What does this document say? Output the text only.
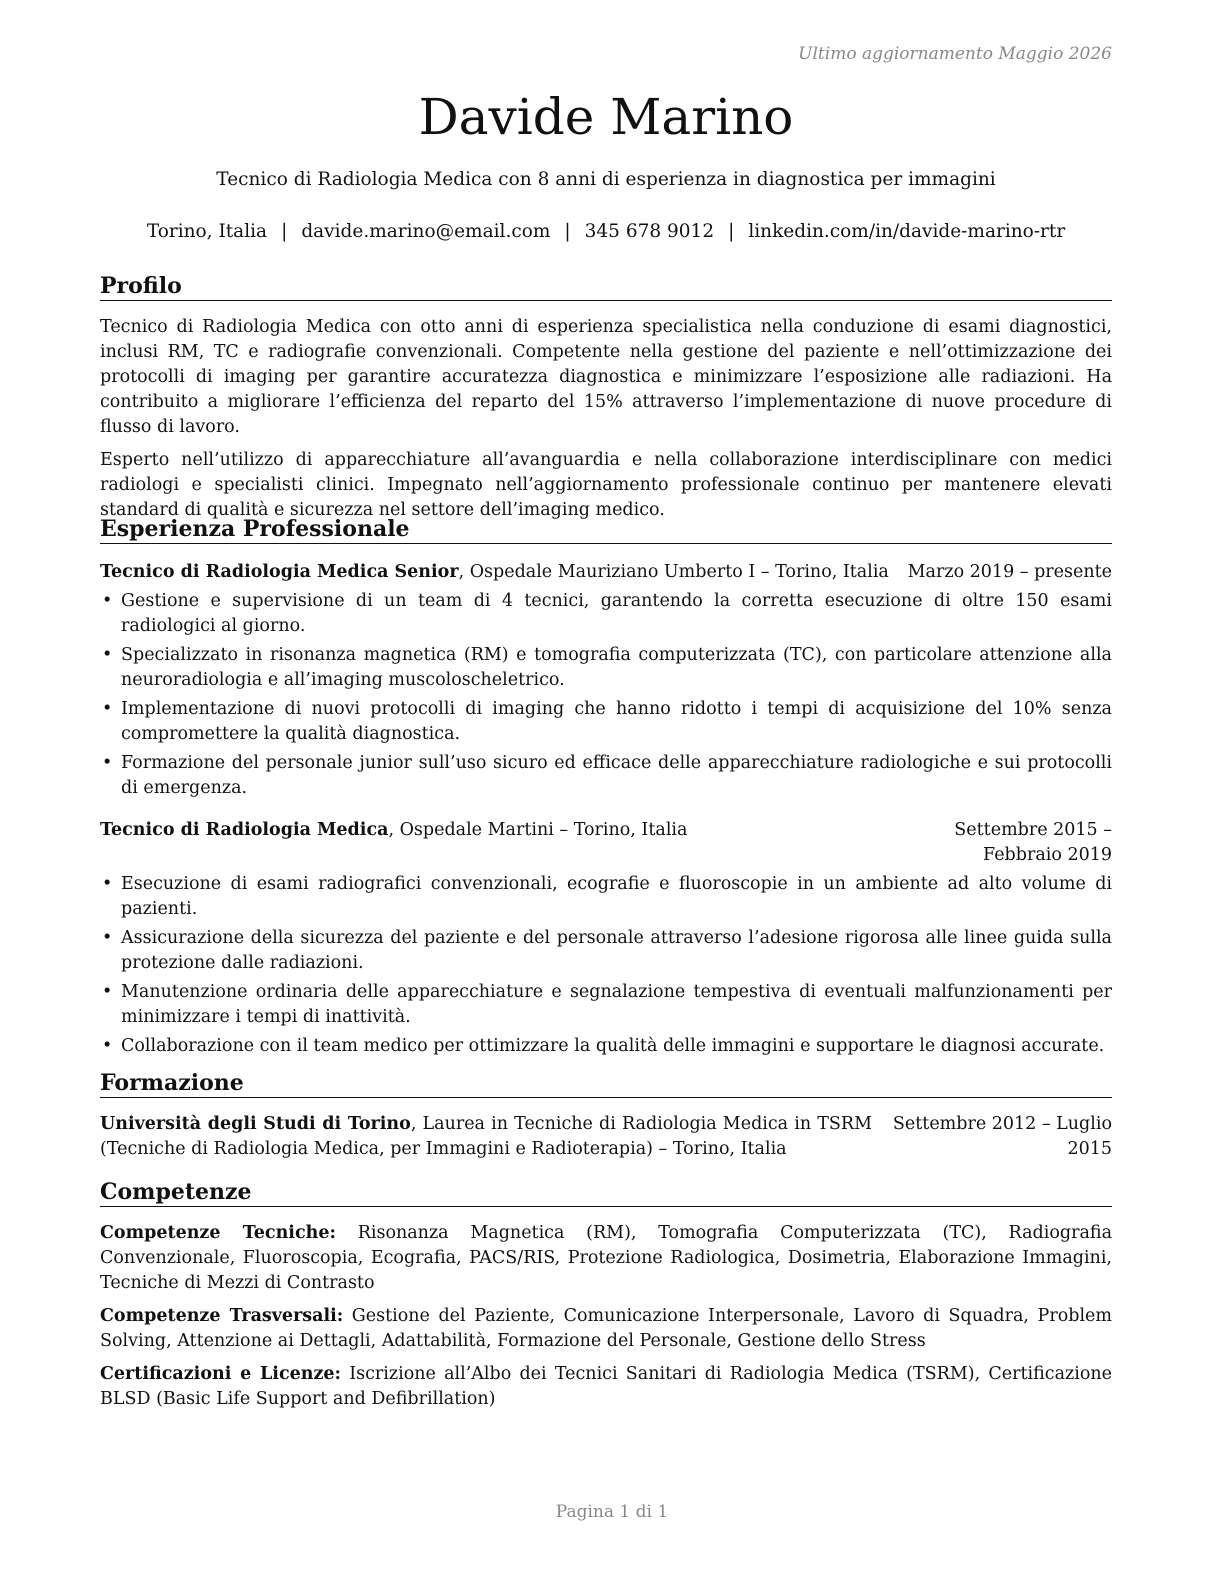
Ultimo aggiornamento Maggio 2026
Davide Marino
Tecnico di Radiologia Medica con 8 anni di esperienza in diagnostica per immagini
Torino, Italia | davide.marino@email.com | 345 678 9012 | linkedin.com/in/davide-marino-rtr
Profilo

Tecnico di Radiologia Medica con otto anni di esperienza specialistica nella conduzione di esami diagnostici, inclusi RM, TC e radiografie convenzionali. Competente nella gestione del paziente e nell’ottimizzazione dei protocolli di imaging per garantire accuratezza diagnostica e minimizzare l’esposizione alle radiazioni. Ha contribuito a migliorare l’efficienza del reparto del 15% attraverso l’implementazione di nuove procedure di flusso di lavoro.

Esperto nell’utilizzo di apparecchiature all’avanguardia e nella collaborazione interdisciplinare con medici radiologi e specialisti clinici. Impegnato nell’aggiornamento professionale continuo per mantenere elevati standard di qualità e sicurezza nel settore dell’imaging medico.

Esperienza Professionale
Tecnico di Radiologia Medica Senior, Ospedale Mauriziano Umberto I – Torino, Italia Marzo 2019 – presente
• Gestione e supervisione di un team di 4 tecnici, garantendo la corretta esecuzione di oltre 150 esami radiologici al giorno.
• Specializzato in risonanza magnetica (RM) e tomografia computerizzata (TC), con particolare attenzione alla neuroradiologia e all’imaging muscoloscheletrico.
• Implementazione di nuovi protocolli di imaging che hanno ridotto i tempi di acquisizione del 10% senza compromettere la qualità diagnostica.
• Formazione del personale junior sull’uso sicuro ed efficace delle apparecchiature radiologiche e sui protocolli di emergenza.
Tecnico di Radiologia Medica, Ospedale Martini – Torino, Italia	Settembre 2015 – Febbraio 2019
• Esecuzione di esami radiografici convenzionali, ecografie e fluoroscopie in un ambiente ad alto volume di pazienti.
• Assicurazione della sicurezza del paziente e del personale attraverso l’adesione rigorosa alle linee guida sulla protezione dalle radiazioni.
• Manutenzione ordinaria delle apparecchiature e segnalazione tempestiva di eventuali malfunzionamenti per minimizzare i tempi di inattività.
• Collaborazione con il team medico per ottimizzare la qualità delle immagini e supportare le diagnosi accurate.
Formazione
Università degli Studi di Torino, Laurea in Tecniche di Radiologia Medica in TSRM (Tecniche di Radiologia Medica, per Immagini e Radioterapia) – Torino, Italia
Settembre 2012 – Luglio 2015
Competenze

Competenze Tecniche: Risonanza Magnetica (RM), Tomografia Computerizzata (TC), Radiografia Convenzionale, Fluoroscopia, Ecografia, PACS/RIS, Protezione Radiologica, Dosimetria, Elaborazione Immagini, Tecniche di Mezzi di Contrasto

Competenze Trasversali: Gestione del Paziente, Comunicazione Interpersonale, Lavoro di Squadra, Problem Solving, Attenzione ai Dettagli, Adattabilità, Formazione del Personale, Gestione dello Stress

Certificazioni e Licenze: Iscrizione all’Albo dei Tecnici Sanitari di Radiologia Medica (TSRM), Certificazione BLSD (Basic Life Support and Defibrillation)

Pagina 1 di 1
